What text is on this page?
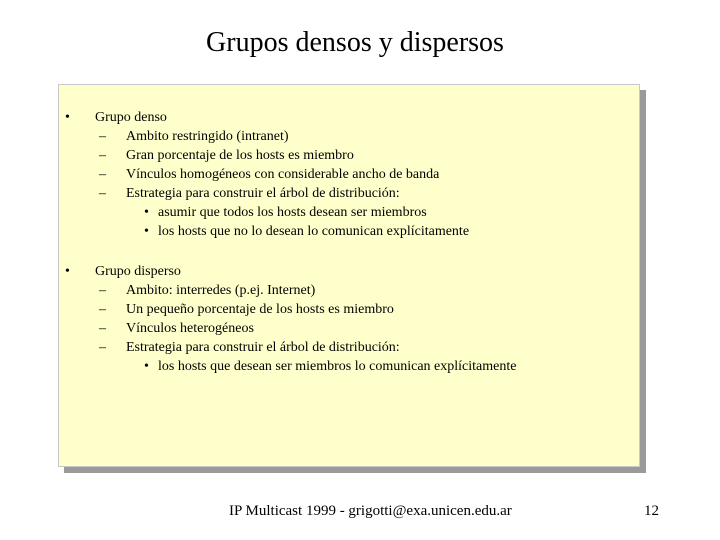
Grupos densos y dispersos
• Grupo denso
– Ambito restringido (intranet)
– Gran porcentaje de los hosts es miembro
– Vínculos homogéneos con considerable ancho de banda
– Estrategia para construir el árbol de distribución:
• asumir que todos los hosts desean ser miembros
• los hosts que no lo desean lo comunican explícitamente
• Grupo disperso
– Ambito: interredes (p.ej. Internet)
– Un pequeño porcentaje de los hosts es miembro
– Vínculos heterogéneos
– Estrategia para construir el árbol de distribución:
• los hosts que desean ser miembros lo comunican explícitamente
IP Multicast 1999 - grigotti@exa.unicen.edu.ar	12
